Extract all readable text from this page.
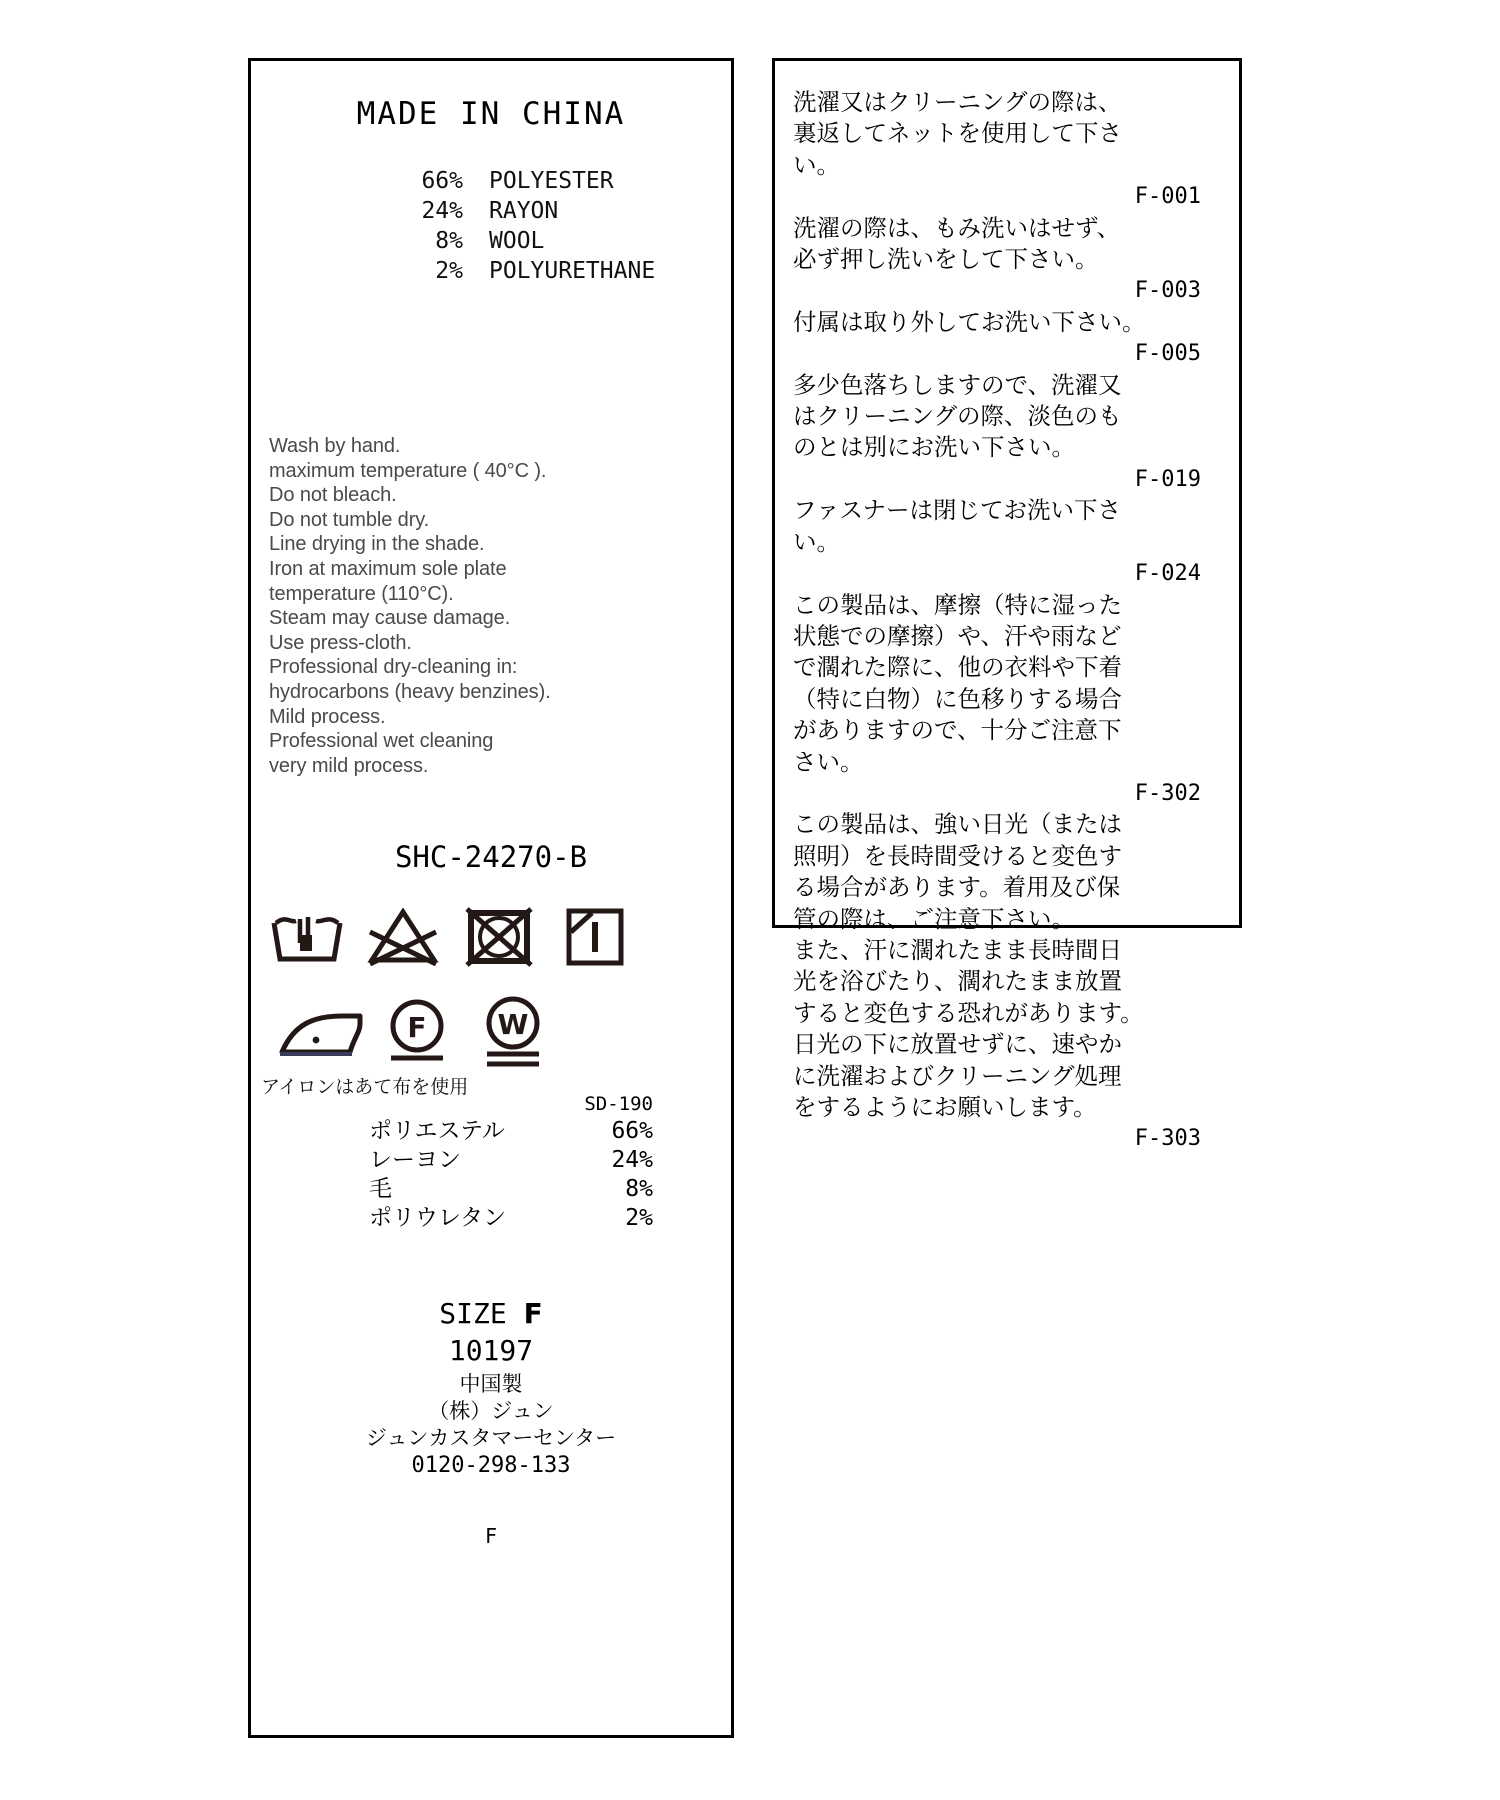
MADE IN CHINA
66% POLYESTER
24% RAYON
8% WOOL
2% POLYURETHANE
Wash by hand.
maximum temperature ( 40°C ).
Do not bleach.
Do not tumble dry.
Line drying in the shade.
Iron at maximum sole plate
temperature (110°C).
Steam may cause damage.
Use press-cloth.
Professional dry-cleaning in:
hydrocarbons (heavy benzines).
Mild process.
Professional wet cleaning
very mild process.
SHC-24270-B
F	W
アイロンはあて布を使用
SD-190
ポリエステル	66%
レーヨン	24%
毛	8%
ポリウレタン	2%
SIZE F
10197
中国製
（株）ジュン
ジュンカスタマーセンター
0120-298-133
F
洗濯又はクリーニングの際は、
裏返してネットを使用して下さ
い。
F-001
洗濯の際は、もみ洗いはせず、
必ず押し洗いをして下さい。
F-003
付属は取り外してお洗い下さい。
F-005
多少色落ちしますので、洗濯又
はクリーニングの際、淡色のも
のとは別にお洗い下さい。
F-019
ファスナーは閉じてお洗い下さ
い。
F-024
この製品は、摩擦（特に湿った
状態での摩擦）や、汗や雨など
で濶れた際に、他の衣料や下着
（特に白物）に色移りする場合
がありますので、十分ご注意下
さい。
F-302
この製品は、強い日光（または
照明）を長時間受けると変色す
る場合があります。着用及び保
管の際は、ご注意下さい。
また、汗に濶れたまま長時間日
光を浴びたり、濶れたまま放置
すると変色する恐れがあります。
日光の下に放置せずに、速やか
に洗濯およびクリーニング処理
をするようにお願いします。
F-303
